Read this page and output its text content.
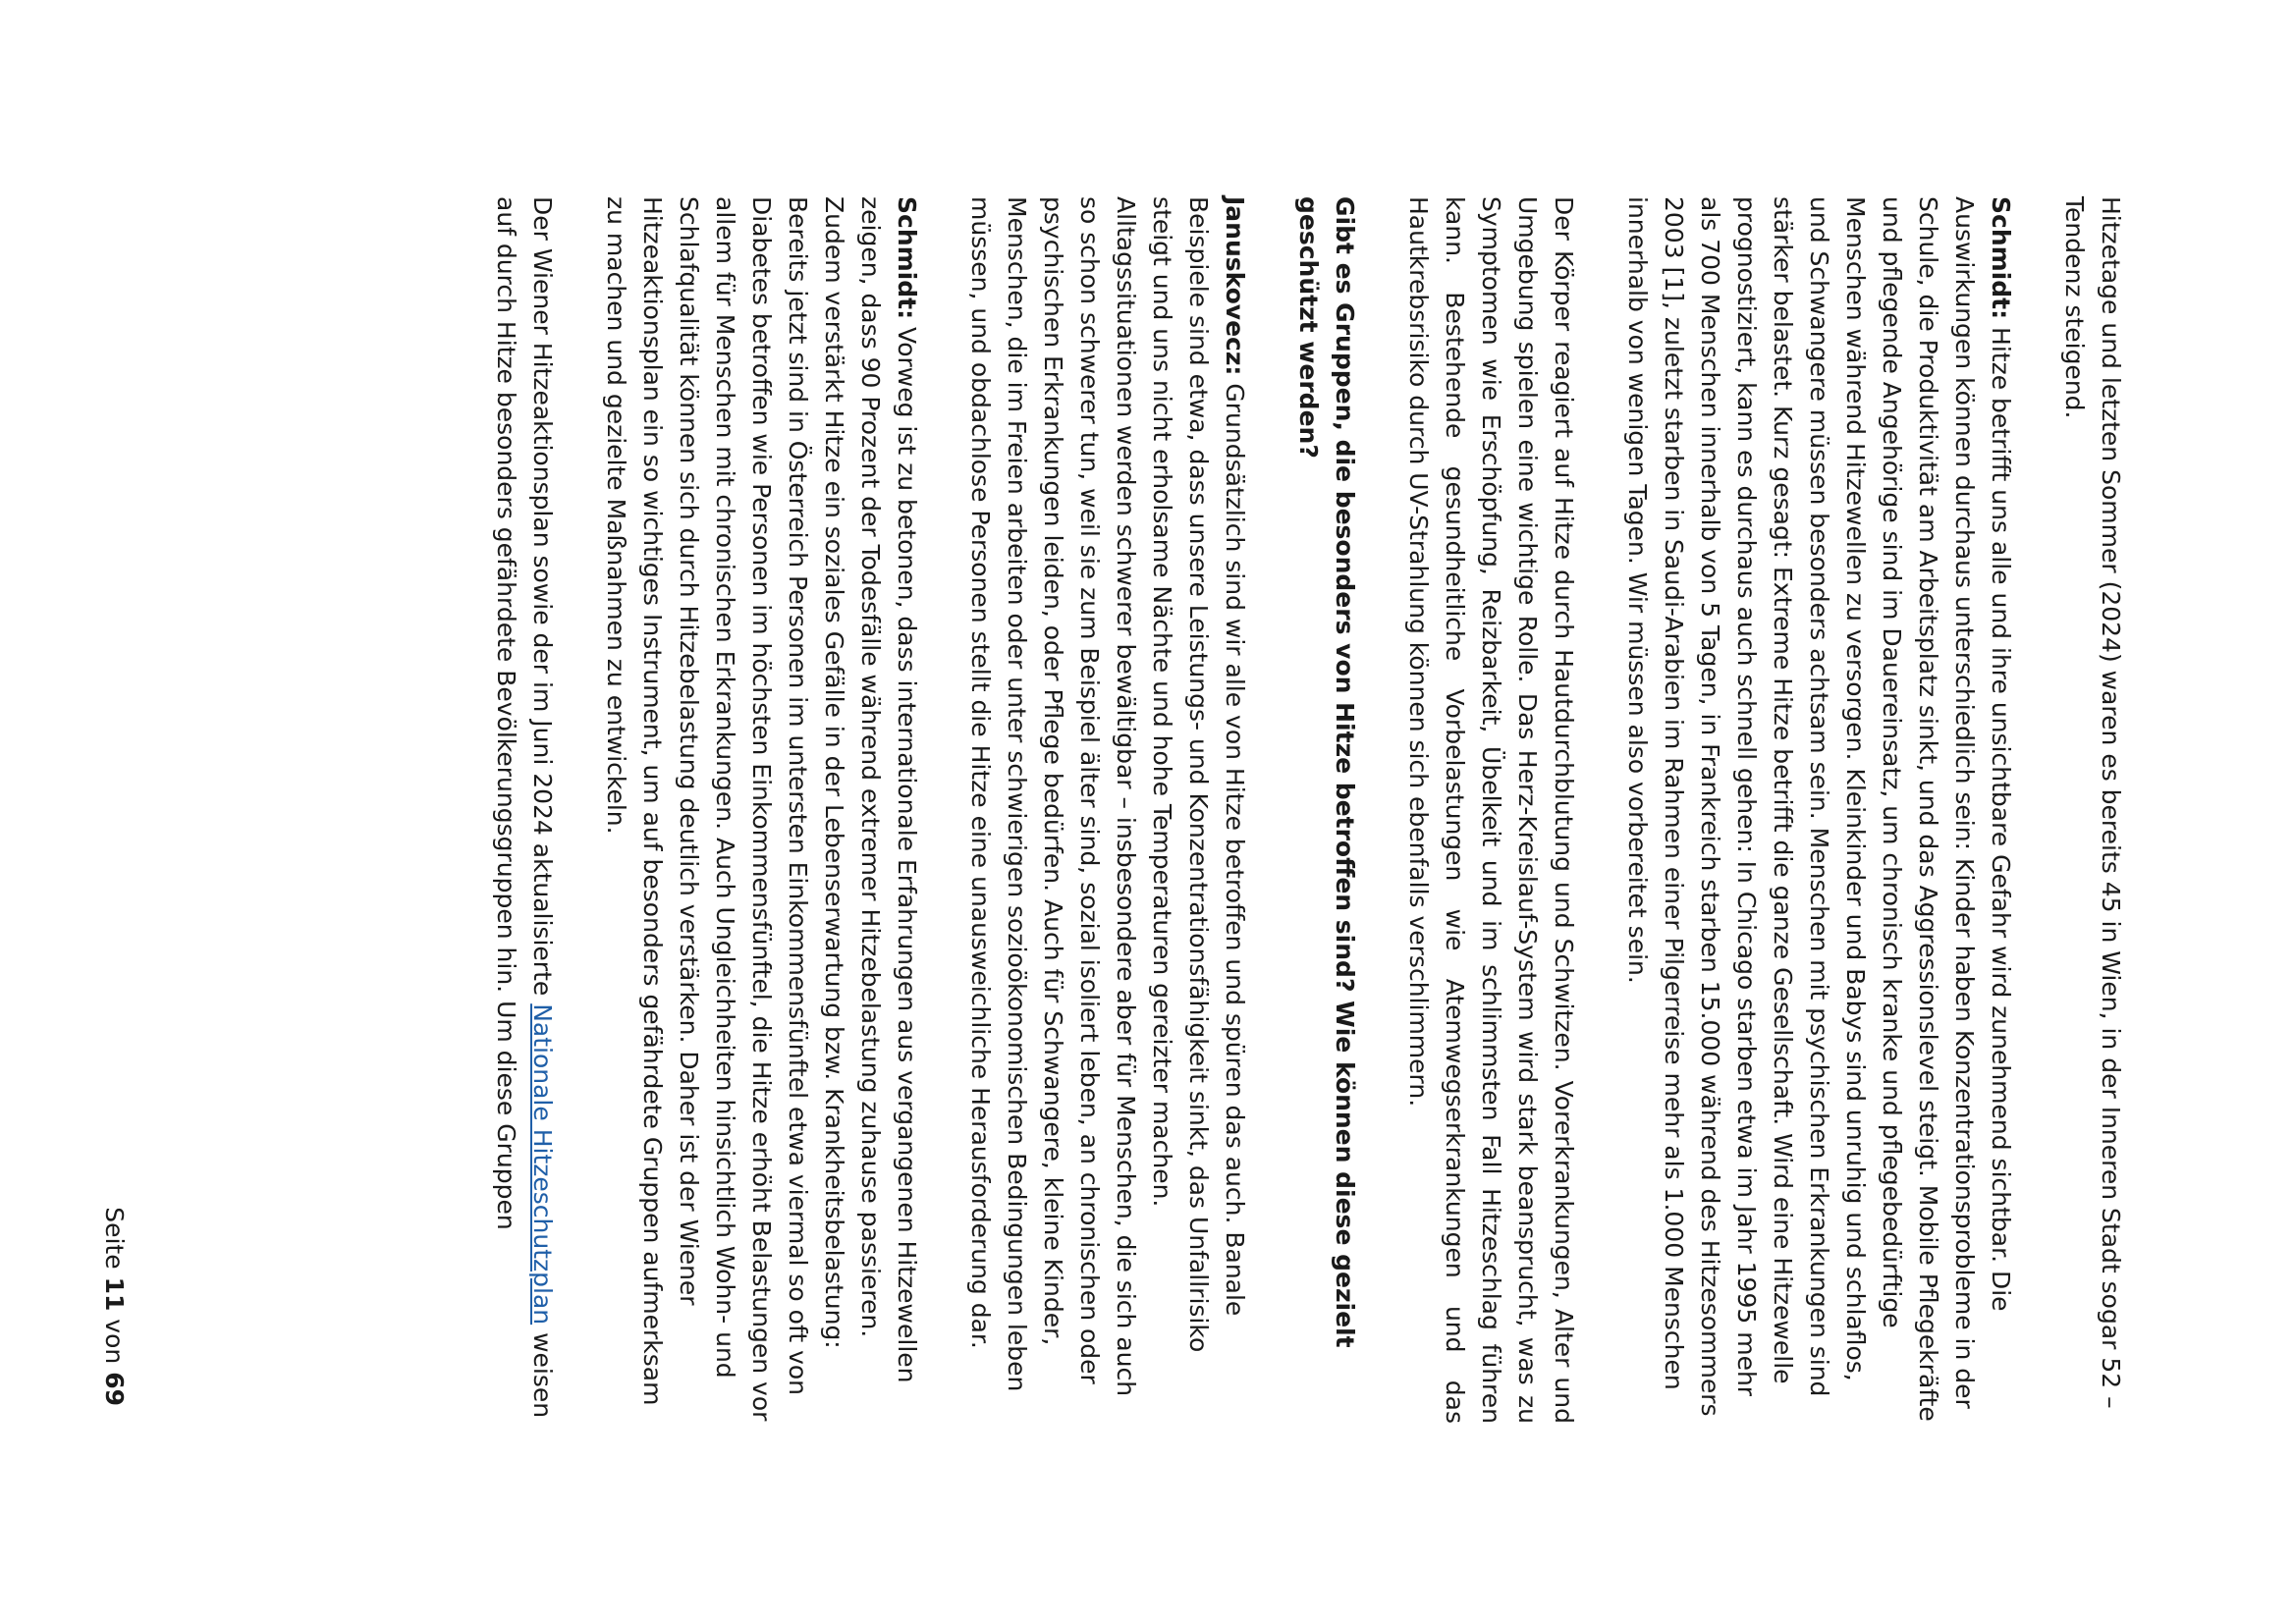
Hitzetage und letzten Sommer (2024) waren es bereits 45 in Wien, in der Inneren Stadt sogar 52 – Tendenz steigend.

Schmidt: Hitze betrifft uns alle und ihre unsichtbare Gefahr wird zunehmend sichtbar. Die Auswirkungen können durchaus unterschiedlich sein: Kinder haben Konzentrationsprobleme in der Schule, die Produktivität am Arbeitsplatz sinkt, und das Aggressionslevel steigt. Mobile Pflegekräfte und pflegende Angehörige sind im Dauereinsatz, um chronisch kranke und pflegebedürftige Menschen während Hitzewellen zu versorgen. Kleinkinder und Babys sind unruhig und schlaflos, und Schwangere müssen besonders achtsam sein. Menschen mit psychischen Erkrankungen sind stärker belastet. Kurz gesagt: Extreme Hitze betrifft die ganze Gesellschaft. Wird eine Hitzewelle prognostiziert, kann es durchaus auch schnell gehen: In Chicago starben etwa im Jahr 1995 mehr als 700 Menschen innerhalb von 5 Tagen, in Frankreich starben 15.000 während des Hitzesommers 2003 [1], zuletzt starben in Saudi-Arabien im Rahmen einer Pilgerreise mehr als 1.000 Menschen innerhalb von wenigen Tagen. Wir müssen also vorbereitet sein.

Der Körper reagiert auf Hitze durch Hautdurchblutung und Schwitzen. Vorerkrankungen, Alter und Umgebung spielen eine wichtige Rolle. Das Herz-Kreislauf-System wird stark beansprucht, was zu Symptomen wie Erschöpfung, Reizbarkeit, Übelkeit und im schlimmsten Fall Hitzeschlag führen kann. Bestehende gesundheitliche Vorbelastungen wie Atemwegserkrankungen und das Hautkrebsrisiko durch UV-Strahlung können sich ebenfalls verschlimmern.

Gibt es Gruppen, die besonders von Hitze betroffen sind? Wie können diese gezielt geschützt werden?

Januskovecz: Grundsätzlich sind wir alle von Hitze betroffen und spüren das auch. Banale Beispiele sind etwa, dass unsere Leistungs- und Konzentrationsfähigkeit sinkt, das Unfallrisiko steigt und uns nicht erholsame Nächte und hohe Temperaturen gereizter machen. Alltagssituationen werden schwerer bewältigbar – insbesondere aber für Menschen, die sich auch so schon schwerer tun, weil sie zum Beispiel älter sind, sozial isoliert leben, an chronischen oder psychischen Erkrankungen leiden, oder Pflege bedürfen. Auch für Schwangere, kleine Kinder, Menschen, die im Freien arbeiten oder unter schwierigen sozioökonomischen Bedingungen leben müssen, und obdachlose Personen stellt die Hitze eine unausweichliche Herausforderung dar.

Schmidt: Vorweg ist zu betonen, dass internationale Erfahrungen aus vergangenen Hitzewellen zeigen, dass 90 Prozent der Todesfälle während extremer Hitzebelastung zuhause passieren. Zudem verstärkt Hitze ein soziales Gefälle in der Lebenserwartung bzw. Krankheitsbelastung: Bereits jetzt sind in Österreich Personen im untersten Einkommensfünftel etwa viermal so oft von Diabetes betroffen wie Personen im höchsten Einkommensfünftel, die Hitze erhöht Belastungen vor allem für Menschen mit chronischen Erkrankungen. Auch Ungleichheiten hinsichtlich Wohn- und Schlafqualität können sich durch Hitzebelastung deutlich verstärken. Daher ist der Wiener Hitzeaktionsplan ein so wichtiges Instrument, um auf besonders gefährdete Gruppen aufmerksam zu machen und gezielte Maßnahmen zu entwickeln.

Der Wiener Hitzeaktionsplan sowie der im Juni 2024 aktualisierte Nationale Hitzeschutzplan weisen auf durch Hitze besonders gefährdete Bevölkerungsgruppen hin. Um diese Gruppen

Seite 11 von 69
